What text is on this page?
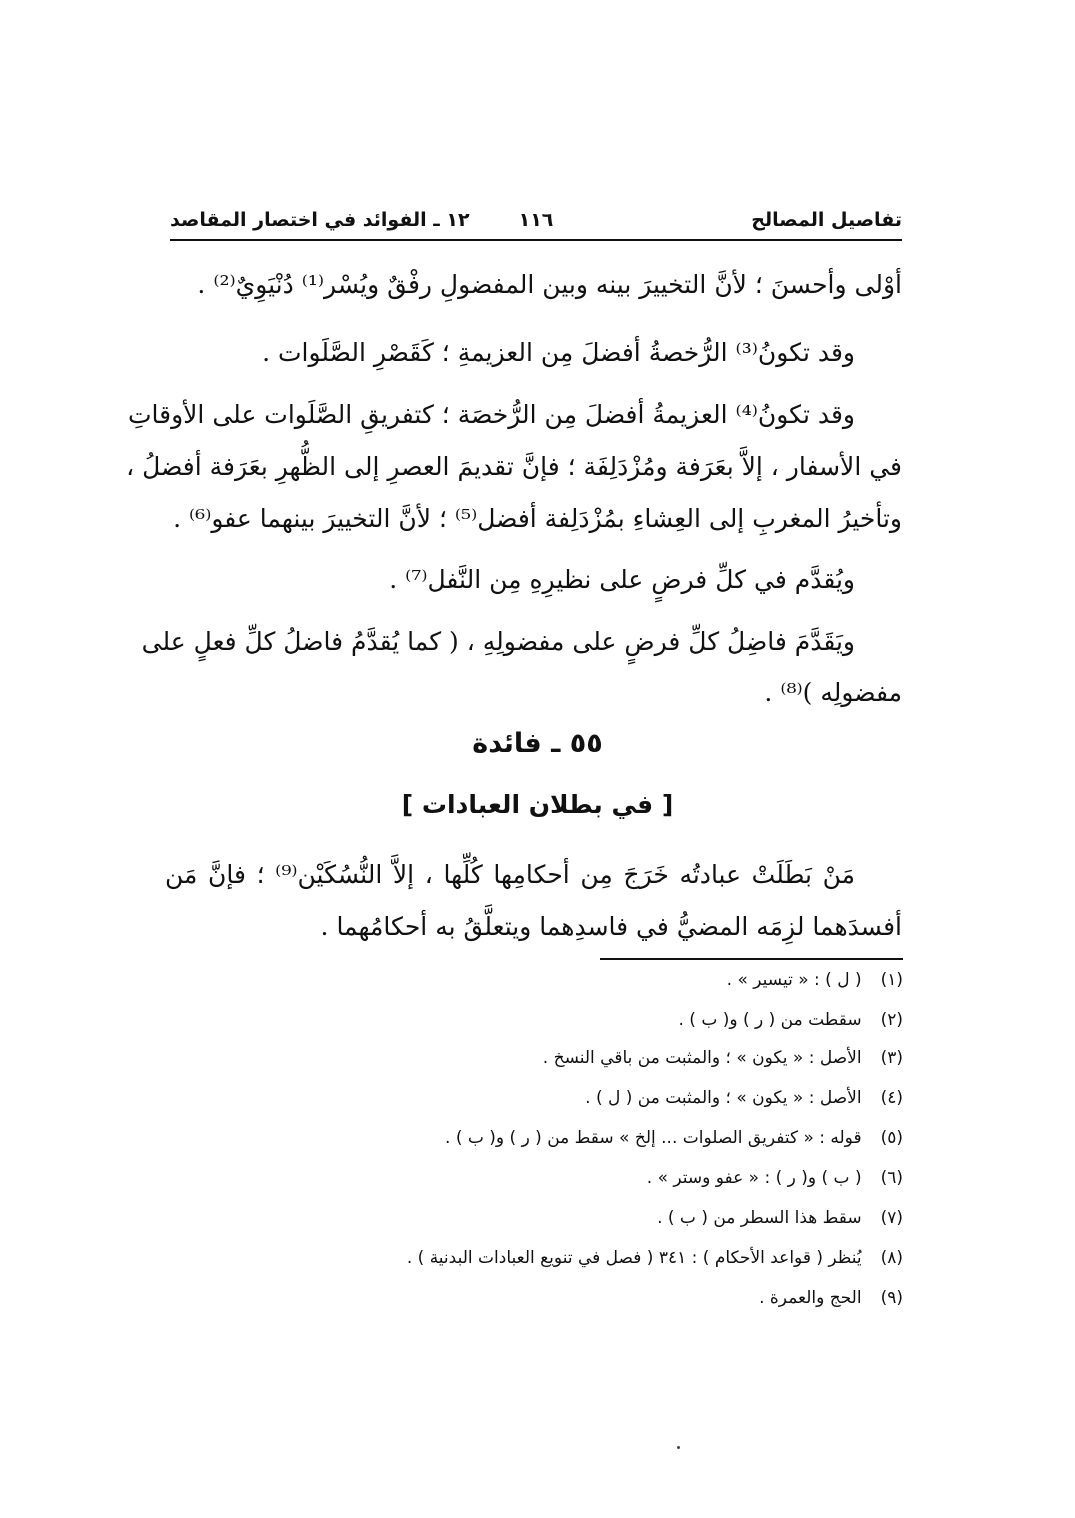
تفاصيل المصالح
١١٦
١٢ ـ الفوائد في اختصار المقاصد
أوْلى وأحسنَ ؛ لأنَّ التخييرَ بينه وبين المفضولِ رفْقٌ ويُسْر⁽¹⁾ دُنْيَوِيٌ⁽²⁾ .
وقد تكونُ⁽³⁾ الرُّخصةُ أفضلَ مِن العزيمةِ ؛ كَقَصْرِ الصَّلَوات .
وقد تكونُ⁽⁴⁾ العزيمةُ أفضلَ مِن الرُّخصَة ؛ كتفريقِ الصَّلَوات على الأوقاتِ
في الأسفار ، إلاَّ بعَرَفة ومُزْدَلِفَة ؛ فإنَّ تقديمَ العصرِ إلى الظُّهرِ بعَرَفة أفضلُ ،
وتأخيرُ المغربِ إلى العِشاءِ بمُزْدَلِفة أفضل⁽⁵⁾ ؛ لأنَّ التخييرَ بينهما عفو⁽⁶⁾ .
ويُقدَّم في كلِّ فرضٍ على نظيرِهِ مِن النَّفل⁽⁷⁾ .
ويَقَدَّمَ فاضِلُ كلِّ فرضٍ على مفضولِهِ ، ( كما يُقدَّمُ فاضلُ كلِّ فعلٍ على
مفضولِه )⁽⁸⁾ .
٥٥ ـ فائدة
[ في بطلان العبادات ]
مَنْ بَطَلَتْ عبادتُه خَرَجَ مِن أحكامِها كُلِّها ، إلاَّ النُّسُكَيْن⁽⁹⁾ ؛ فإنَّ مَن
أفسدَهما لزِمَه المضيُّ في فاسدِهما ويتعلَّقُ به أحكامُهما .
(١) ( ل ) : « تيسير » .
(٢) سقطت من ( ر ) و( ب ) .
(٣) الأصل : « يكون » ؛ والمثبت من باقي النسخ .
(٤) الأصل : « يكون » ؛ والمثبت من ( ل ) .
(٥) قوله : « كتفريق الصلوات ... إلخ » سقط من ( ر ) و( ب ) .
(٦) ( ب ) و( ر ) : « عفو وستر » .
(٧) سقط هذا السطر من ( ب ) .
(٨) يُنظر ( قواعد الأحكام ) : ٣٤١ ( فصل في تنويع العبادات البدنية ) .
(٩) الحج والعمرة .
